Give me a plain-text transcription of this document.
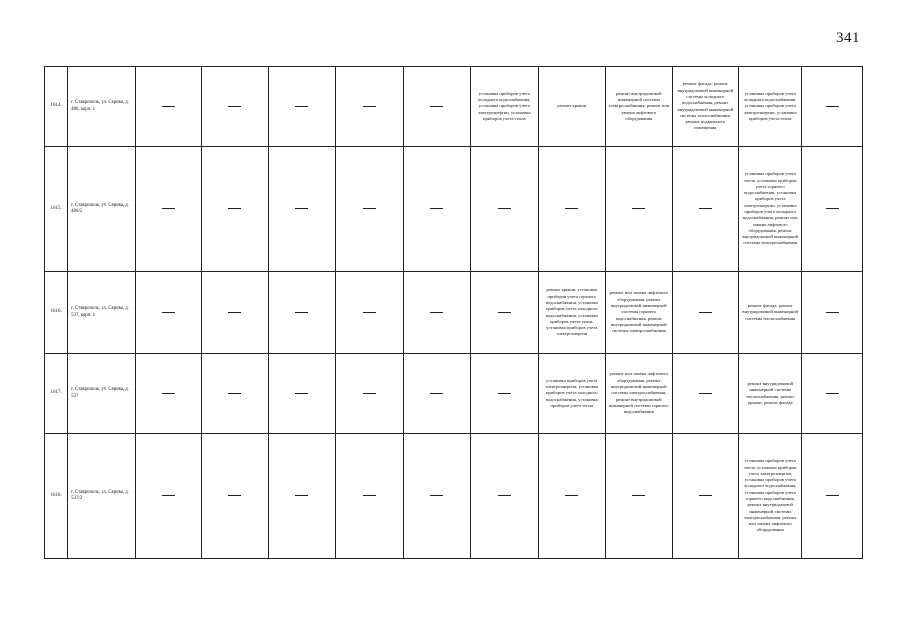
341
1614.	г. Ставрополь, ул. Серова, д. 486, корп. 1						установка приборов учета холодного водоснабжения, установка приборов учета электроэнергии, установка приборов учета тепла	ремонт крыши	ремонт внутридомовой инженерной системы электроснабжения, ремонт или замена лифтового оборудования	ремонт фасада, ремонт внутридомовой инженерной системы холодного водоснабжения, ремонт внутридомовой инженерной системы теплоснабжения, ремонт подвального помещения	установка приборов учета холодного водоснабжения, установка приборов учета электроэнергии, установка приборов учета тепла	
1615.	г. Ставрополь, ул. Серова, д. 486/2										установка приборов учета тепла, установка приборов учета горячего водоснабжения, установка приборов учета электроэнергии, установка приборов учета холодного водоснабжения, ремонт или замена лифтового оборудования, ремонт внутридомовой инженерной системы электроснабжения	
1616.	г. Ставрополь, ул. Серова, д. 537, корп. 1							ремонт крыши, установка приборов учета горячего водоснабжения, установка приборов учета холодного водоснабжения, установка приборов учета тепла, установка приборов учета электроэнергии	ремонт или замена лифтового оборудования, ремонт внутридомовой инженерной системы горячего водоснабжения, ремонт внутридомовой инженерной системы электроснабжения		ремонт фасада, ремонт внутридомовой инженерной системы теплоснабжения	
1617.	г. Ставрополь, ул. Серова, д. 537							установка приборов учета электроэнергии, установка приборов учета холодного водоснабжения, установка приборов учета тепла	ремонт или замена лифтового оборудования, ремонт внутридомовой инженерной системы электроснабжения, ремонт внутридомовой инженерной системы горячего водоснабжения		ремонт внутридомовой инженерной системы теплоснабжения, ремонт крыши, ремонт фасада	
1618.	г. Ставрополь, ул. Серова, д. 537/2										установка приборов учета тепла, установка приборов учета электроэнергии, установка приборов учета холодного водоснабжения, установка приборов учета горячего водоснабжения, ремонт внутридомовой инженерной системы электроснабжения, ремонт или замена лифтового оборудования	
